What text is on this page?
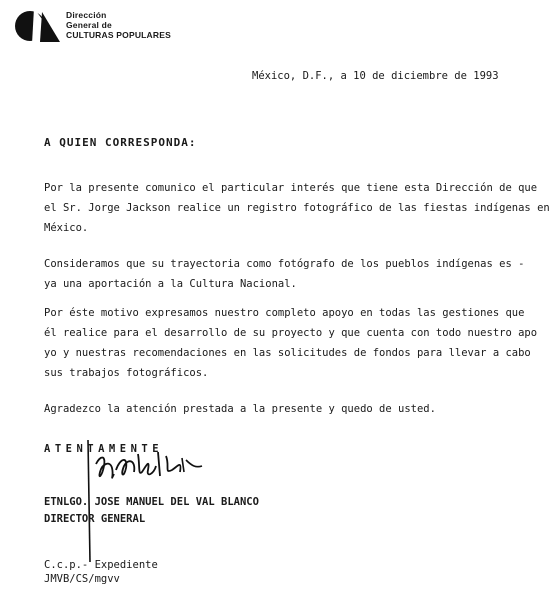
Dirección
General de
CULTURAS POPULARES
México, D.F., a 10 de diciembre de 1993
A QUIEN CORRESPONDA:
Por la presente comunico el particular interés que tiene esta Dirección de que
el Sr. Jorge Jackson realice un registro fotográfico de las fiestas indígenas en
México.
Consideramos que su trayectoria como fotógrafo de los pueblos indígenas es -
ya una aportación a la Cultura Nacional.
Por éste motivo expresamos nuestro completo apoyo en todas las gestiones que
él realice para el desarrollo de su proyecto y que cuenta con todo nuestro apo
yo y nuestras recomendaciones en las solicitudes de fondos para llevar a cabo
sus trabajos fotográficos.
Agradezco la atención prestada a la presente y quedo de usted.
ATENTAMENTE
ETNLGO. JOSE MANUEL DEL VAL BLANCO
DIRECTOR GENERAL
C.c.p.- Expediente
JMVB/CS/mgvv
